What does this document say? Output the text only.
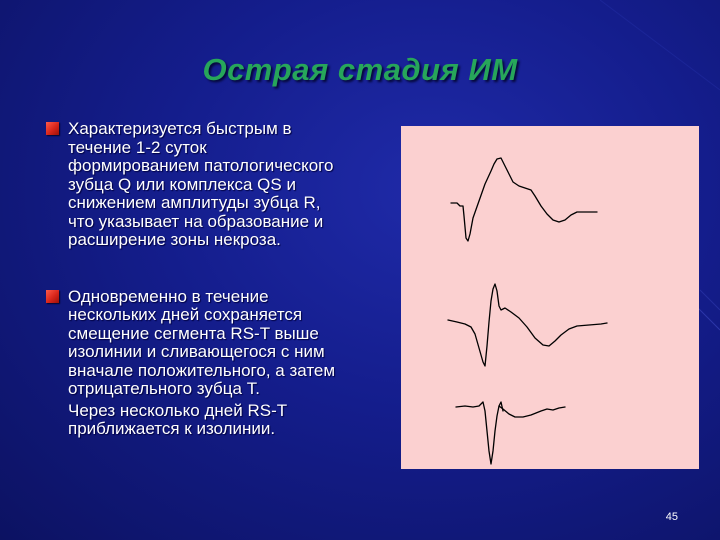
Острая стадия ИМ
Характеризуется быстрым в
течение 1-2 суток
формированием патологического
зубца Q или комплекса QS и
снижением амплитуды зубца R,
что указывает на образование и
расширение зоны некроза.
Одновременно в течение
нескольких дней сохраняется
смещение сегмента RS-T выше
изолинии и сливающегося с ним
вначале положительного, а затем
отрицательного зубца Т.
Через несколько дней RS-T
приближается к изолинии.
45
